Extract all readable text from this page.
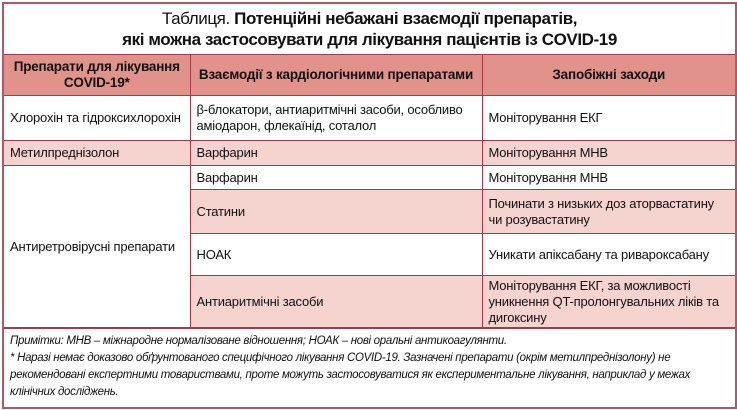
Таблиця. Потенційні небажані взаємодії препаратів,
які можна застосовувати для лікування пацієнтів із COVID-19
Препарати для лікування COVID-19*	Взаємодії з кардіологічними препаратами	Запобіжні заходи
Хлорохін та гідроксихлорохін	β-блокатори, антиаритмічні засоби, особливо аміодарон, флекаїнід, соталол	Моніторування ЕКГ
Метилпреднізолон	Варфарин	Моніторування МНВ
Антиретровірусні препарати	Варфарин	Моніторування МНВ
	Статини	Починати з низьких доз аторвастатину чи розувастатину
	НОАК	Уникати апіксабану та ривароксабану
	Антиаритмічні засоби	Моніторування ЕКГ, за можливості уникнення QT-пролонгувальних ліків та дигоксину
Примітки: МНВ – міжнародне нормалізоване відношення; НОАК – нові оральні антикоагулянти.
* Наразі немає доказово обґрунтованого специфічного лікування COVID-19. Зазначені препарати (окрім метилпреднізолону) не рекомендовані експертними товариствами, проте можуть застосовуватися як експериментальне лікування, наприклад у межах клінічних досліджень.
